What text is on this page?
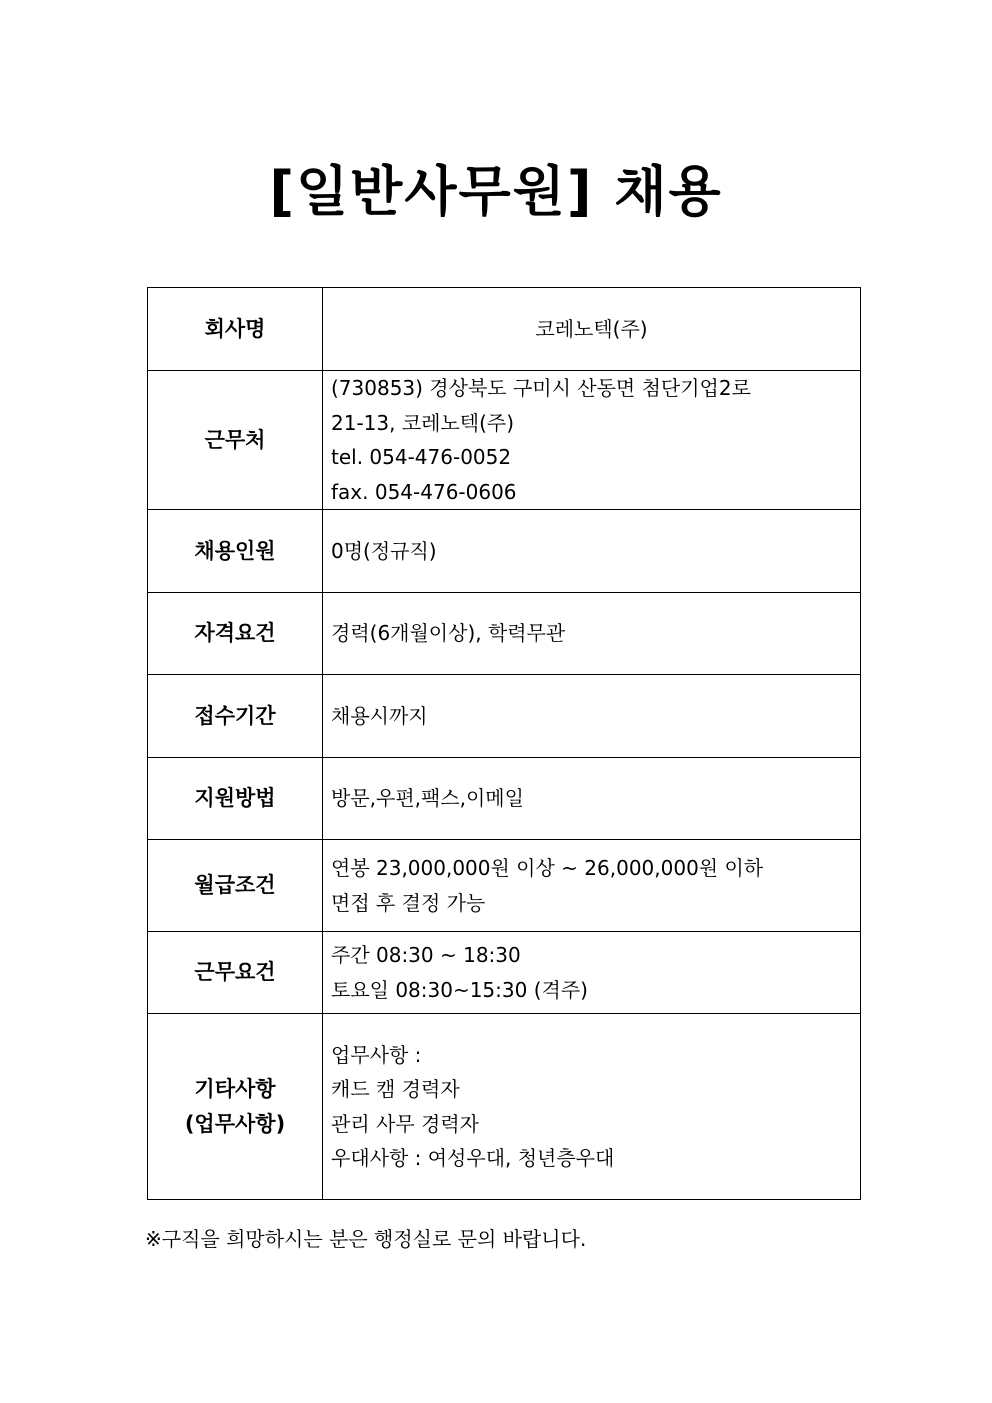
[일반사무원] 채용
회사명	코레노텍(주)
근무처	(730853) 경상북도 구미시 산동면 첨단기업2로
21-13, 코레노텍(주)
tel. 054-476-0052
fax. 054-476-0606

채용인원	0명(정규직)
자격요건	경력(6개월이상), 학력무관
접수기간	채용시까지
지원방법	방문,우편,팩스,이메일
월급조건	연봉 23,000,000원 이상 ~ 26,000,000원 이하
면접 후 결정 가능

근무요건	주간 08:30 ~ 18:30
토요일 08:30~15:30 (격주)

기타사항
(업무사항)	업무사항 :
캐드 캠 경력자
관리 사무 경력자
우대사항 : 여성우대, 청년층우대
※구직을 희망하시는 분은 행정실로 문의 바랍니다.
